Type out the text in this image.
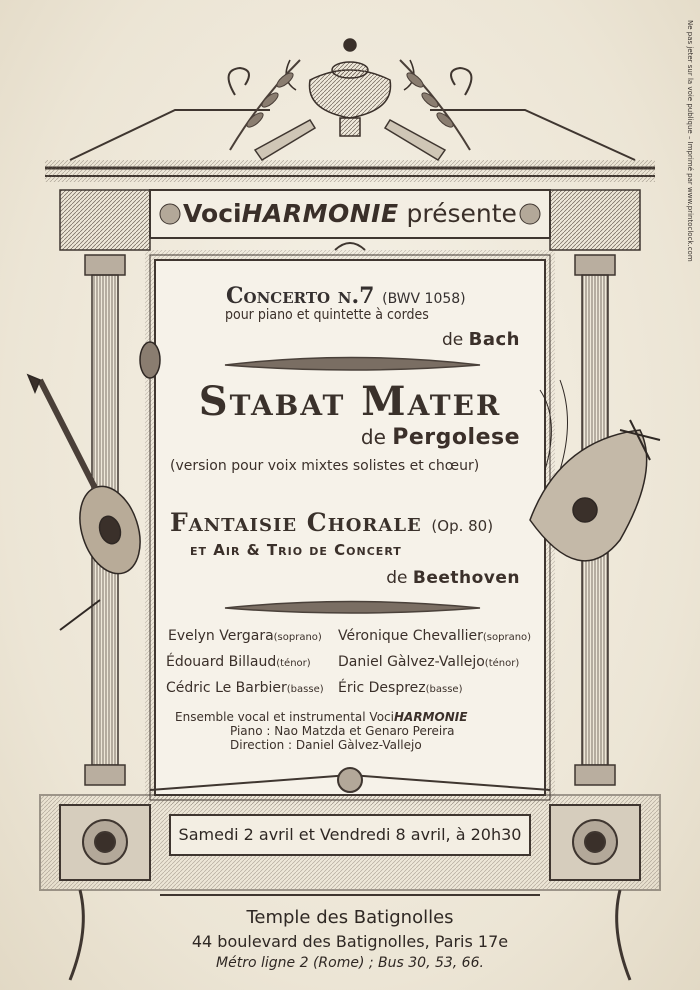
VociHARMONIE présente
Concerto n.7 (BWV 1058)
pour piano et quintette à cordes
de Bach
Stabat Mater
de Pergolese
(version pour voix mixtes solistes et chœur)
Fantaisie Chorale (Op. 80)
et Air & Trio de Concert
de Beethoven
Evelyn Vergara(soprano) Véronique Chevallier(soprano)
Édouard Billaud(ténor) Daniel Gàlvez-Vallejo(ténor)
Cédric Le Barbier(basse) Éric Desprez(basse)
Ensemble vocal et instrumental VociHARMONIE
Piano : Nao Matzda et Genaro Pereira
Direction : Daniel Gàlvez-Vallejo
Samedi 2 avril et Vendredi 8 avril, à 20h30
Temple des Batignolles
44 boulevard des Batignolles, Paris 17e
Métro ligne 2 (Rome) ; Bus 30, 53, 66.
Ne pas jeter sur la voie publique – Imprimé par www.printoclock.com
